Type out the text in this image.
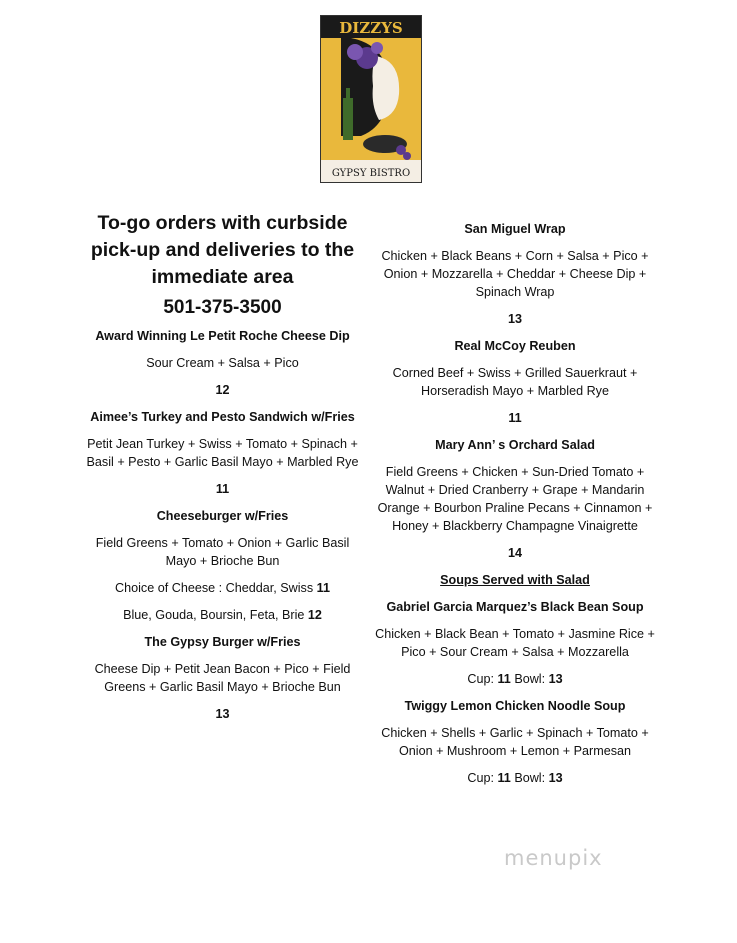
DIZZYS
GYPSY BISTRO

To-go orders with curbside pick-up and deliveries to the immediate area

501-375-3500

Award Winning Le Petit Roche Cheese Dip

Sour Cream + Salsa + Pico

12

Aimee’s Turkey and Pesto Sandwich w/Fries

Petit Jean Turkey + Swiss + Tomato + Spinach + Basil + Pesto + Garlic Basil Mayo + Marbled Rye

11

Cheeseburger w/Fries

Field Greens + Tomato + Onion + Garlic Basil Mayo + Brioche Bun

Choice of Cheese : Cheddar, Swiss 11

Blue, Gouda, Boursin, Feta, Brie 12

The Gypsy Burger w/Fries

Cheese Dip + Petit Jean Bacon + Pico + Field Greens + Garlic Basil Mayo + Brioche Bun

13

San Miguel Wrap

Chicken + Black Beans + Corn + Salsa + Pico + Onion + Mozzarella + Cheddar + Cheese Dip + Spinach Wrap

13

Real McCoy Reuben

Corned Beef + Swiss + Grilled Sauerkraut + Horseradish Mayo + Marbled Rye

11

Mary Ann’ s Orchard Salad

Field Greens + Chicken + Sun-Dried Tomato + Walnut + Dried Cranberry + Grape + Mandarin Orange + Bourbon Praline Pecans + Cinnamon + Honey + Blackberry Champagne Vinaigrette

14

Soups Served with Salad

Gabriel Garcia Marquez’s Black Bean Soup

Chicken + Black Bean + Tomato + Jasmine Rice + Pico + Sour Cream + Salsa + Mozzarella

Cup: 11 Bowl: 13

Twiggy Lemon Chicken Noodle Soup

Chicken + Shells + Garlic + Spinach + Tomato + Onion + Mushroom + Lemon + Parmesan

Cup: 11 Bowl: 13

menupix
